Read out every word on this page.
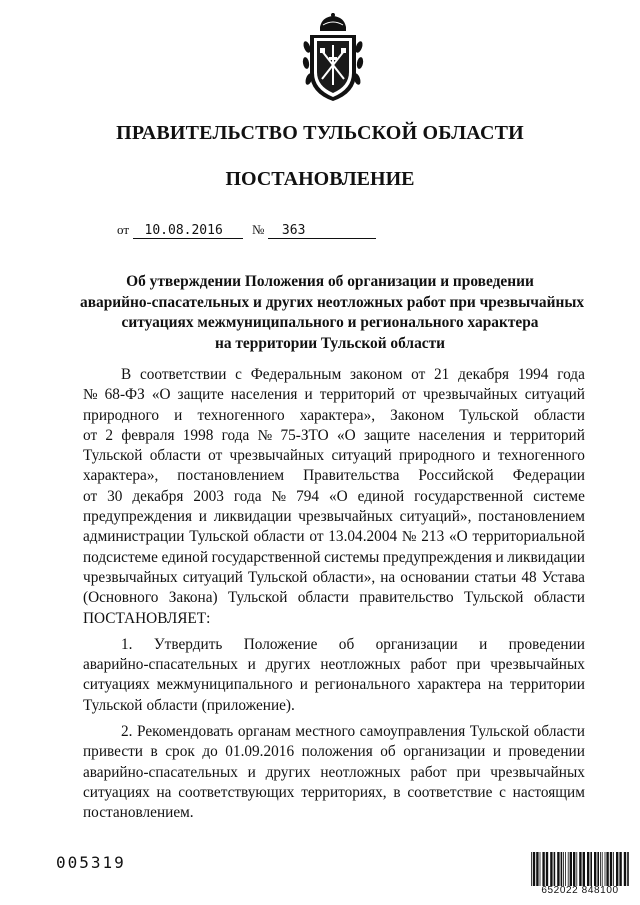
ПРАВИТЕЛЬСТВО ТУЛЬСКОЙ ОБЛАСТИ
ПОСТАНОВЛЕНИЕ
от 10.08.2016 № 363
Об утверждении Положения об организации и проведении
аварийно-спасательных и других неотложных работ при чрезвычайных
ситуациях межмуниципального и регионального характера
на территории Тульской области
В соответствии с Федеральным законом от 21 декабря 1994 года
№ 68-ФЗ «О защите населения и территорий от чрезвычайных ситуаций
природного и техногенного характера», Законом Тульской области
от 2 февраля 1998 года № 75-ЗТО «О защите населения и территорий
Тульской области от чрезвычайных ситуаций природного и техногенного
характера», постановлением Правительства Российской Федерации
от 30 декабря 2003 года № 794 «О единой государственной системе
предупреждения и ликвидации чрезвычайных ситуаций», постановлением
администрации Тульской области от 13.04.2004 № 213 «О территориальной
подсистеме единой государственной системы предупреждения и ликвидации
чрезвычайных ситуаций Тульской области», на основании статьи 48 Устава
(Основного Закона) Тульской области правительство Тульской области
ПОСТАНОВЛЯЕТ:
1. Утвердить Положение об организации и проведении
аварийно-спасательных и других неотложных работ при чрезвычайных
ситуациях межмуниципального и регионального характера на территории
Тульской области (приложение).
2. Рекомендовать органам местного самоуправления Тульской области
привести в срок до 01.09.2016 положения об организации и проведении
аварийно-спасательных и других неотложных работ при чрезвычайных
ситуациях на соответствующих территориях, в соответствие с настоящим
постановлением.
005319
652022 848100
